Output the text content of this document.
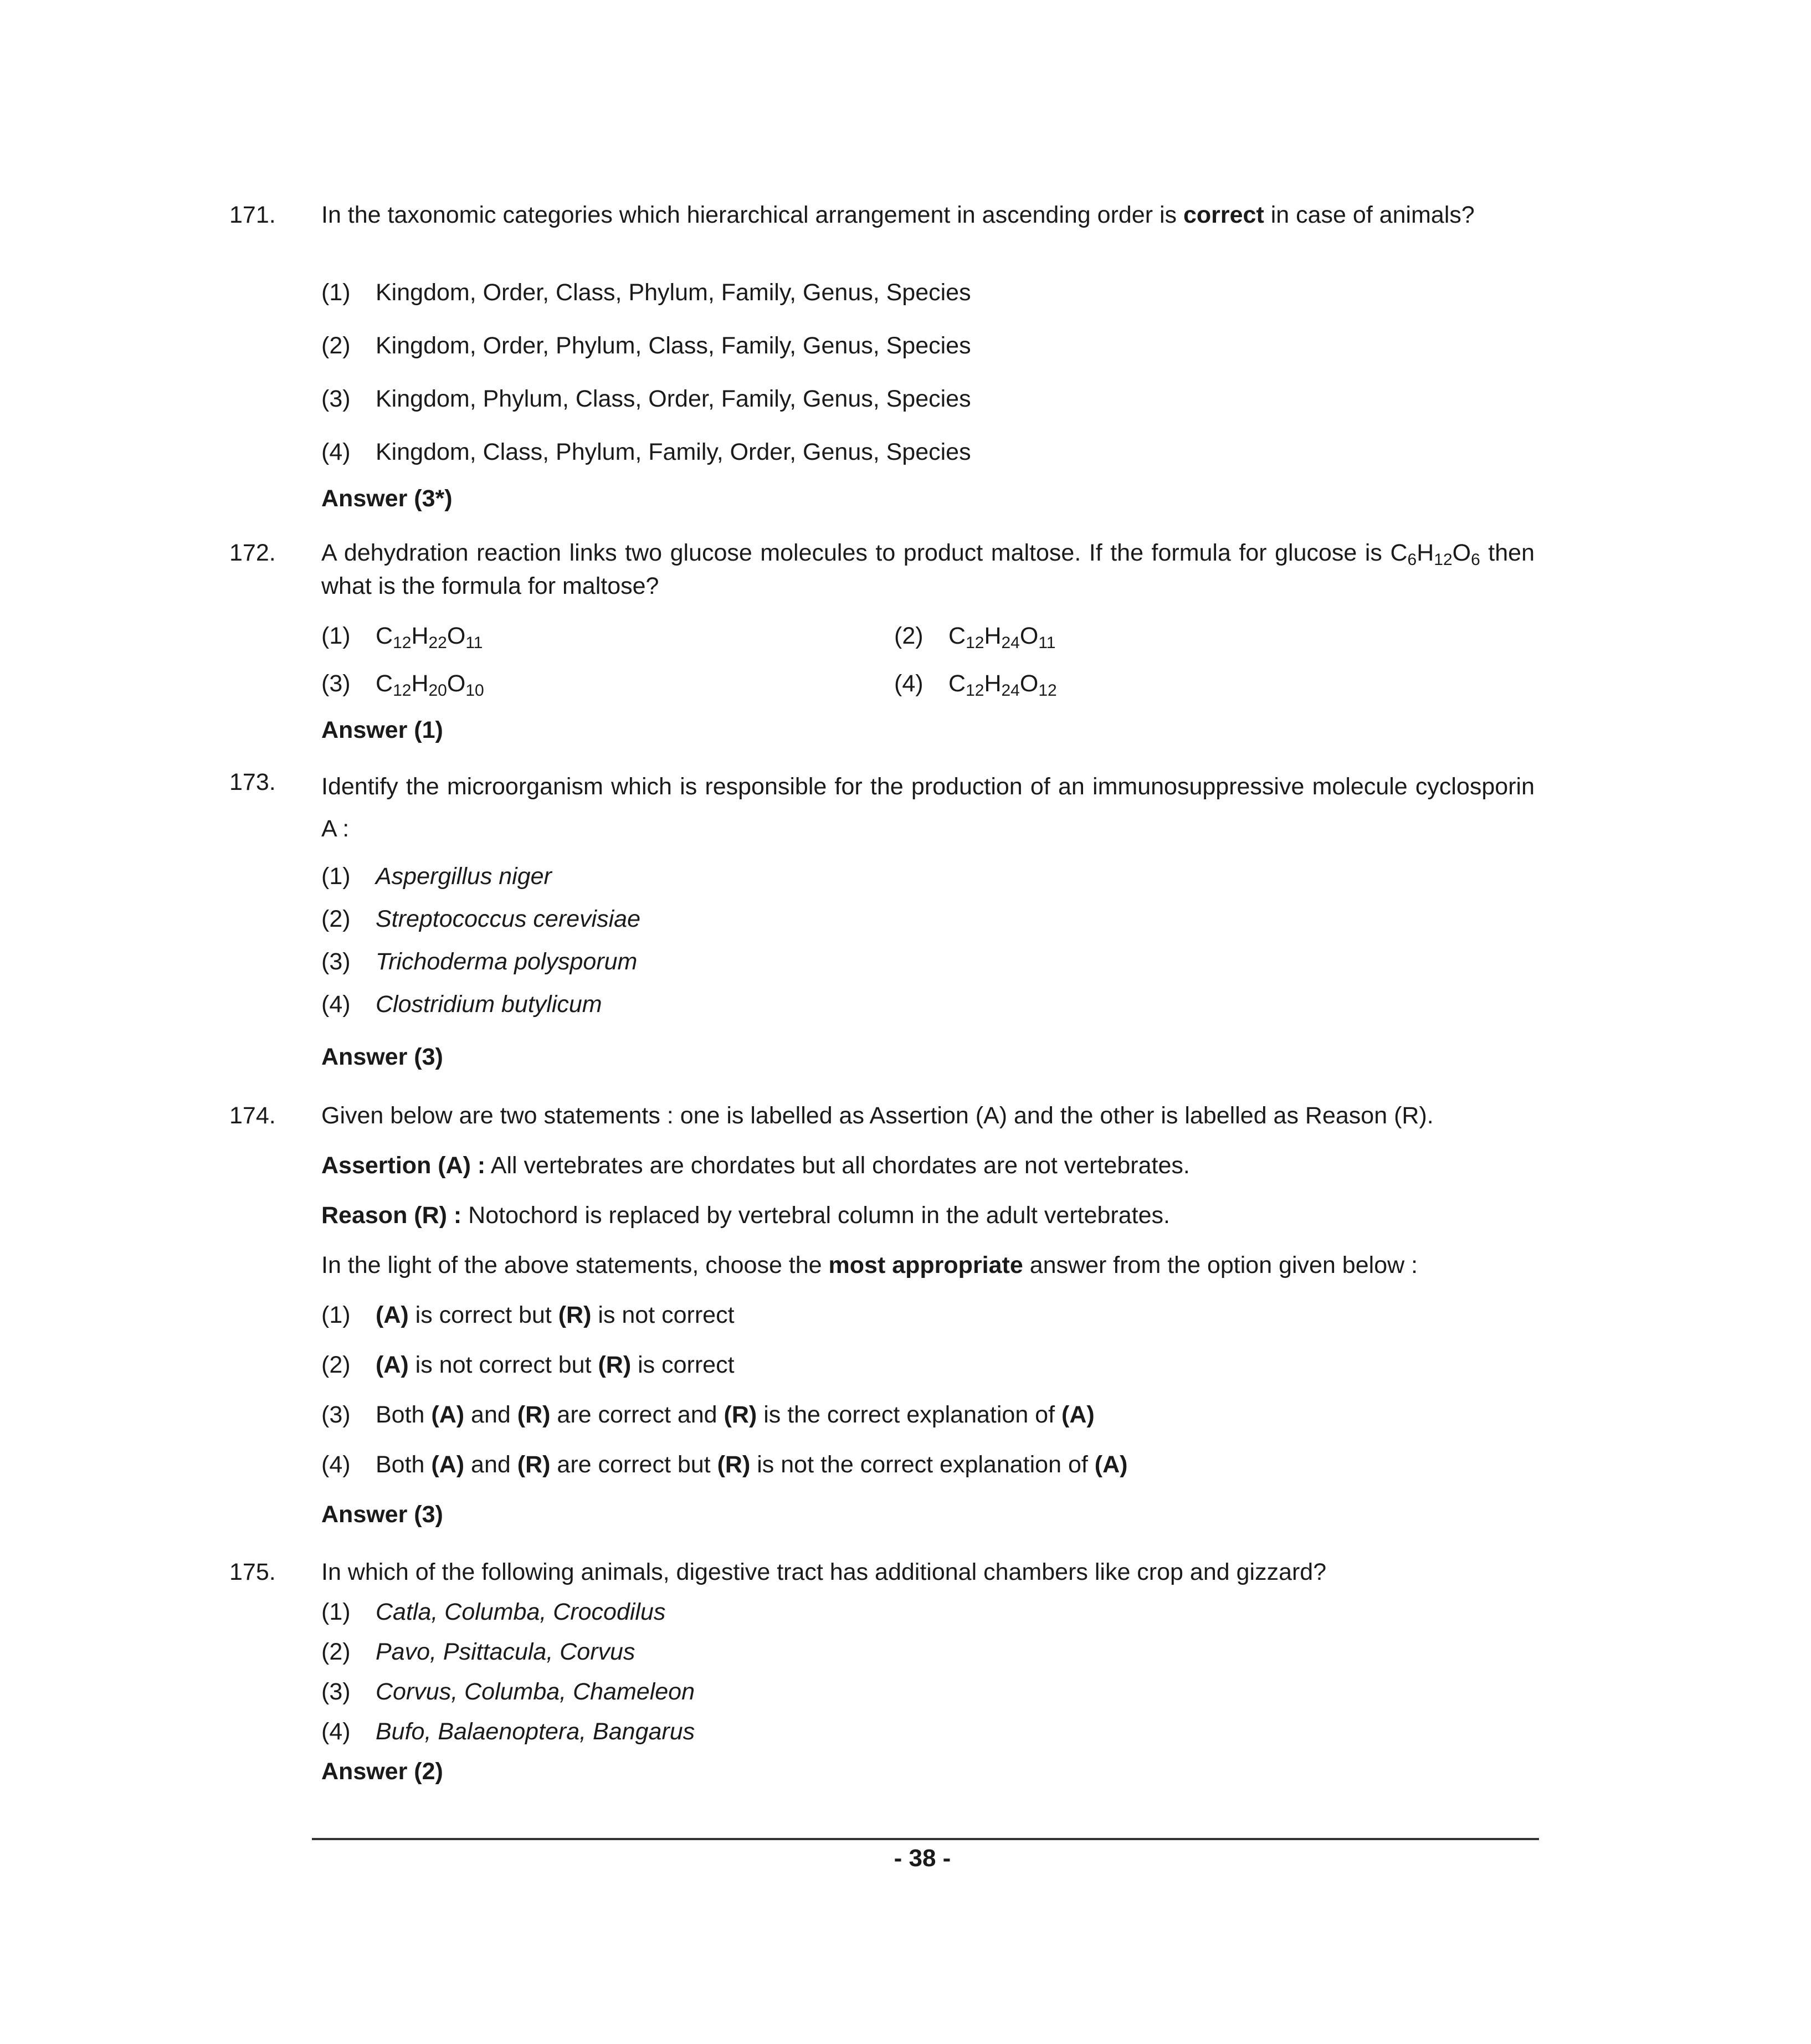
171.	In the taxonomic categories which hierarchical arrangement in ascending order is correct in case of animals?
(1) Kingdom, Order, Class, Phylum, Family, Genus, Species
(2) Kingdom, Order, Phylum, Class, Family, Genus, Species
(3) Kingdom, Phylum, Class, Order, Family, Genus, Species
(4) Kingdom, Class, Phylum, Family, Order, Genus, Species
Answer (3*)
172.	A dehydration reaction links two glucose molecules to product maltose. If the formula for glucose is $C_6H_{12}O_6$ then what is the formula for maltose?
(1) $C_{12}H_{22}O_{11}$	(2) $C_{12}H_{24}O_{11}$
(3) $C_{12}H_{20}O_{10}$	(4) $C_{12}H_{24}O_{12}$
Answer (1)
173.	Identify the microorganism which is responsible for the production of an immunosuppressive molecule cyclosporin A :
(1) Aspergillus niger
(2) Streptococcus cerevisiae
(3) Trichoderma polysporum
(4) Clostridium butylicum
Answer (3)
174.	Given below are two statements : one is labelled as Assertion (A) and the other is labelled as Reason (R).
Assertion (A) : All vertebrates are chordates but all chordates are not vertebrates.
Reason (R) : Notochord is replaced by vertebral column in the adult vertebrates.
In the light of the above statements, choose the most appropriate answer from the option given below :
(1) (A) is correct but (R) is not correct
(2) (A) is not correct but (R) is correct
(3) Both (A) and (R) are correct and (R) is the correct explanation of (A)
(4) Both (A) and (R) are correct but (R) is not the correct explanation of (A)
Answer (3)
175.	In which of the following animals, digestive tract has additional chambers like crop and gizzard?
(1) Catla, Columba, Crocodilus
(2) Pavo, Psittacula, Corvus
(3) Corvus, Columba, Chameleon
(4) Bufo, Balaenoptera, Bangarus
Answer (2)
- 38 -
